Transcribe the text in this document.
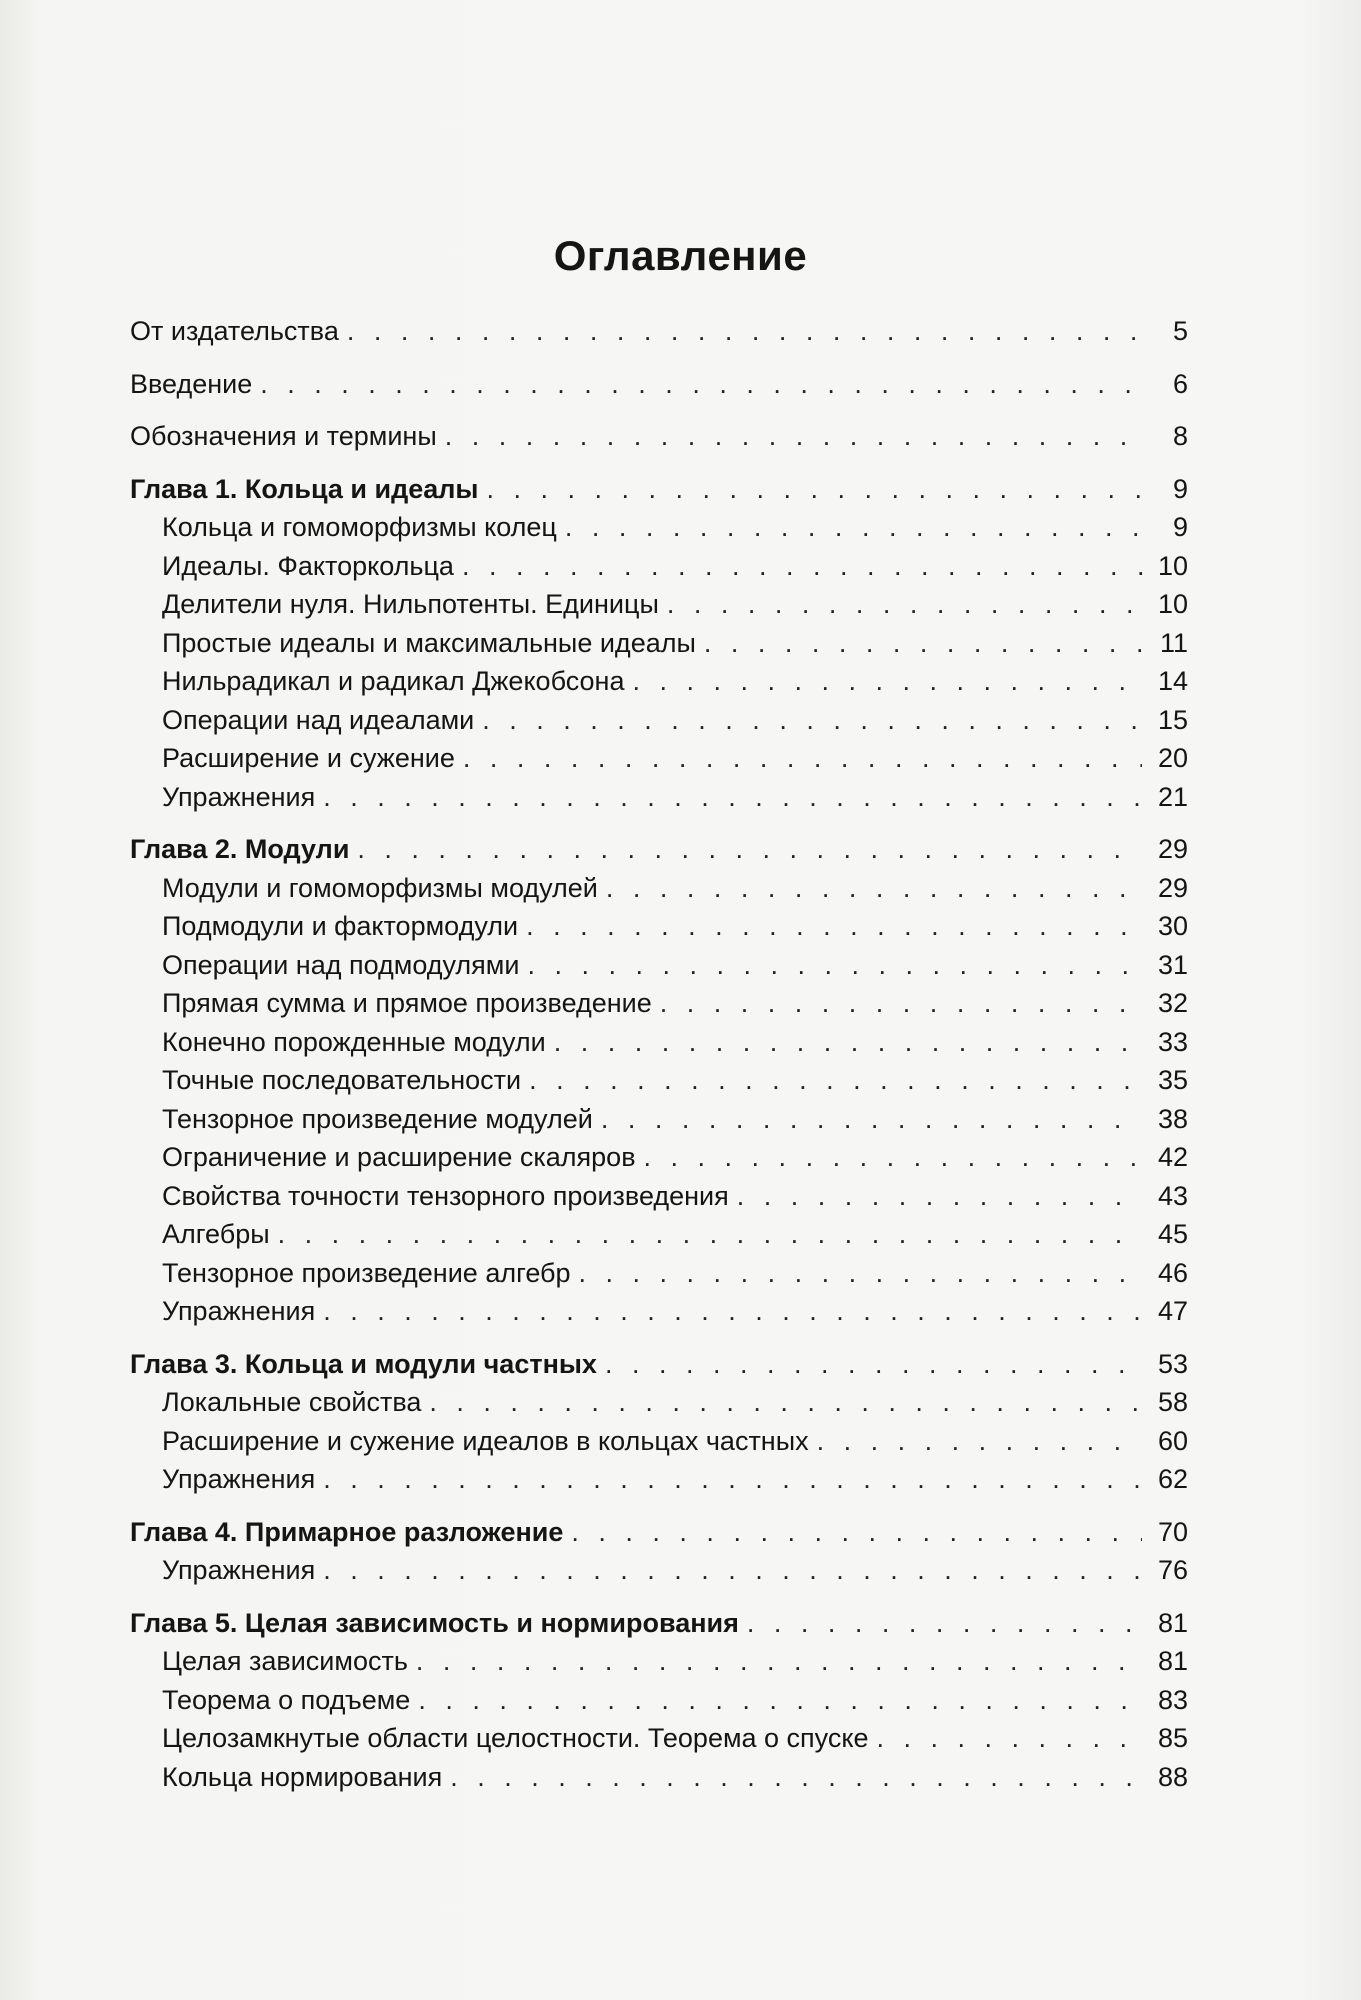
Оглавление
От издательства . . .	5
Введение . . .	6
Обозначения и термины . . .	8
Глава 1. Кольца и идеалы . . .	9
Кольца и гомоморфизмы колец . . .	9
Идеалы. Факторкольца . . .	10
Делители нуля. Нильпотенты. Единицы . . .	10
Простые идеалы и максимальные идеалы . . .	11
Нильрадикал и радикал Джекобсона . . .	14
Операции над идеалами . . .	15
Расширение и сужение . . .	20
Упражнения . . .	21
Глава 2. Модули . . .	29
Модули и гомоморфизмы модулей . . .	29
Подмодули и фактормодули . . .	30
Операции над подмодулями . . .	31
Прямая сумма и прямое произведение . . .	32
Конечно порожденные модули . . .	33
Точные последовательности . . .	35
Тензорное произведение модулей . . .	38
Ограничение и расширение скаляров . . .	42
Свойства точности тензорного произведения . . .	43
Алгебры . . .	45
Тензорное произведение алгебр . . .	46
Упражнения . . .	47
Глава 3. Кольца и модули частных . . .	53
Локальные свойства . . .	58
Расширение и сужение идеалов в кольцах частных . . .	60
Упражнения . . .	62
Глава 4. Примарное разложение . . .	70
Упражнения . . .	76
Глава 5. Целая зависимость и нормирования . . .	81
Целая зависимость . . .	81
Теорема о подъеме . . .	83
Целозамкнутые области целостности. Теорема о спуске . . .	85
Кольца нормирования . . .	88
